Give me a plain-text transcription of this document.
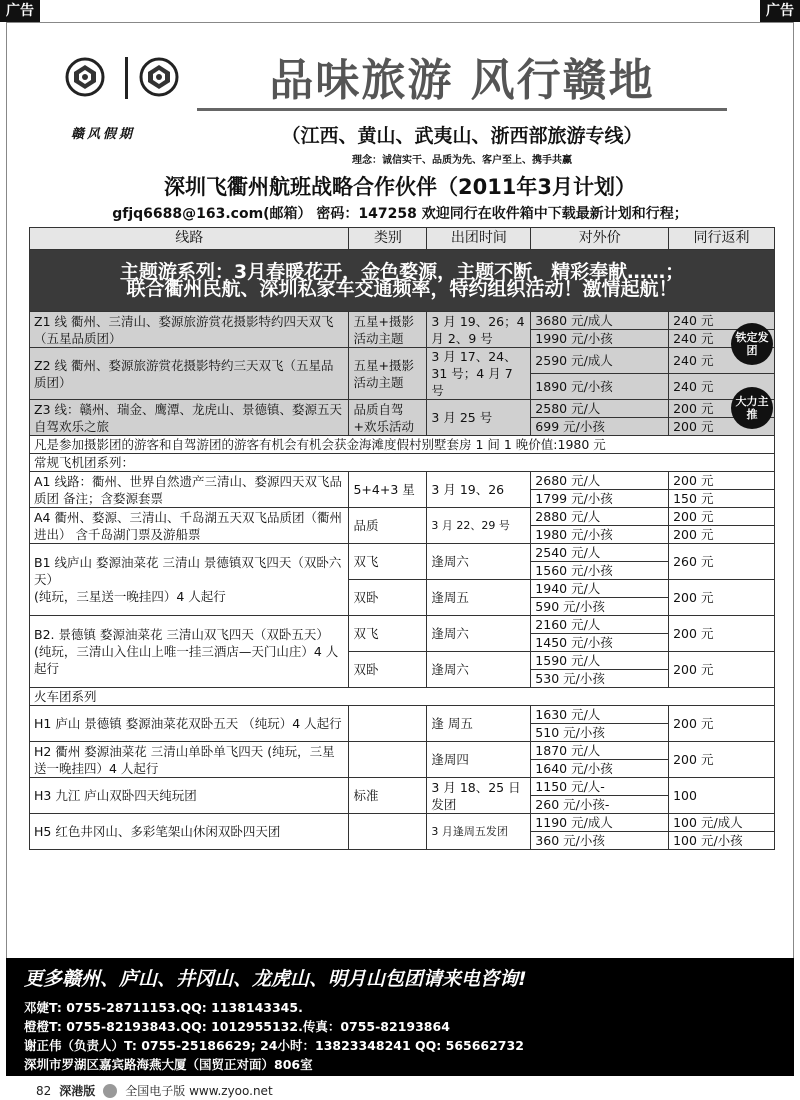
广告	广告
赣风假期
品味旅游 风行赣地
（江西、黄山、武夷山、浙西部旅游专线）
理念：诚信实干、品质为先、客户至上、携手共赢
深圳飞衢州航班战略合作伙伴（2011年3月计划）
gfjq6688@163.com(邮箱） 密码：147258 欢迎同行在收件箱中下载最新计划和行程；
线路	类别	出团时间	对外价	同行返利

主题游系列：3月春暖花开，金色婺源，主题不断，精彩奉献……；
联合衢州民航、深圳私家车交通频率，特约组织活动！激情起航！				

Z1 线 衢州、三清山、婺源旅游赏花摄影特约四天双飞（五星品质团）	五星+摄影活动主题	3 月 19、26；4月 2、9 号	3680 元/成人	240 元
			1990 元/小孩	240 元
Z2 线 衢州、婺源旅游赏花摄影特约三天双飞（五星品质团）	五星+摄影活动主题	3 月 17、24、31 号；4 月 7 号	2590 元/成人	240 元
			1890 元/小孩	240 元
Z3 线：赣州、瑞金、鹰潭、龙虎山、景德镇、婺源五天自驾欢乐之旅	品质自驾+欢乐活动	3 月 25 号	2580 元/人	200 元
			699 元/小孩	200 元
凡是参加摄影团的游客和自驾游团的游客有机会有机会获金海滩度假村别墅套房 1 间 1 晚价值:1980 元				
常规飞机团系列：				
A1 线路：衢州、世界自然遗产三清山、婺源四天双飞品质团 备注；含婺源套票	5+4+3 星	3 月 19、26	2680 元/人	200 元
			1799 元/小孩	150 元
A4 衢州、婺源、三清山、千岛湖五天双飞品质团（衢州进出） 含千岛湖门票及游船票	品质	3 月 22、29 号	2880 元/人	200 元
			1980 元/小孩	200 元

B1 线庐山 婺源油菜花 三清山 景德镇双飞四天（双卧六天）
(纯玩，三星送一晚挂四）4 人起行	双飞	逢周六	2540 元/人	260 元
			1560 元/小孩	
	双卧	逢周五	1940 元/人	200 元
			590 元/小孩	

B2. 景德镇 婺源油菜花 三清山双飞四天（双卧五天）
(纯玩，三清山入住山上唯一挂三酒店—天门山庄）4 人起行	双飞	逢周六	2160 元/人	200 元
			1450 元/小孩	
	双卧	逢周六	1590 元/人	200 元
			530 元/小孩	
火车团系列				
H1 庐山 景德镇 婺源油菜花双卧五天 （纯玩）4 人起行		逢 周五	1630 元/人	200 元
			510 元/小孩	
H2 衢州 婺源油菜花 三清山单卧单飞四天 (纯玩，三星送一晚挂四）4 人起行		逢周四	1870 元/人	200 元
			1640 元/小孩	
H3 九江 庐山双卧四天纯玩团	标准	3 月 18、25 日发团	1150 元/人-	100
			260 元/小孩-	
H5 红色井冈山、多彩笔架山休闲双卧四天团		3 月逢周五发团	1190 元/成人	100 元/成人
			360 元/小孩	100 元/小孩
铁定发团
大力主推
更多赣州、庐山、井冈山、龙虎山、明月山包团请来电咨询!
邓婕T: 0755-28711153.QQ: 1138143345.
橙橙T: 0755-82193843.QQ: 1012955132.传真：0755-82193864
谢正伟（负责人）T: 0755-25186629; 24小时：13823348241 QQ: 565662732
深圳市罗湖区嘉宾路海燕大厦（国贸正对面）806室
82 深港版	全国电子版 www.zyoo.net
